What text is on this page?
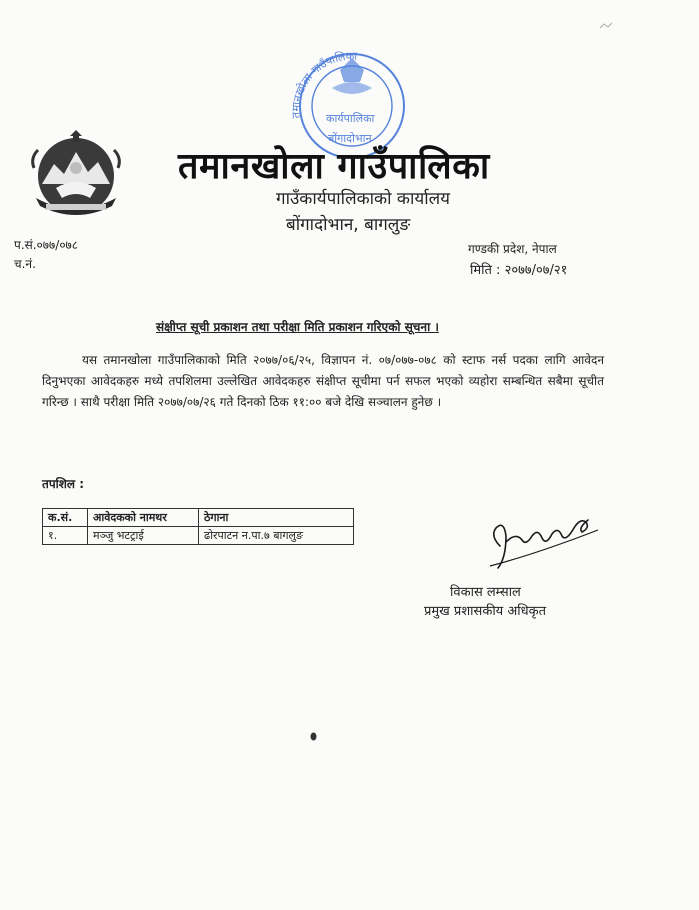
तमानखोला गाउँपालिका
कार्यपालिका
बोंगादोभान
तमानखोला गाउँपालिका
गाउँकार्यपालिकाको कार्यालय
बोंगादोभान, बागलुङ
प.सं.०७७/०७८
च.नं.
गण्डकी प्रदेश, नेपाल
मिति : २०७७/०७/२१
संक्षीप्त सूची प्रकाशन तथा परीक्षा मिति प्रकाशन गरिएको सूचना ।
यस तमानखोला गाउँपालिकाको मिति २०७७/०६/२५, विज्ञापन नं. ०७/०७७-०७८ को स्टाफ नर्स पदका लागि आवेदन दिनुभएका आवेदकहरु मध्ये तपशिलमा उल्लेखित आवेदकहरु संक्षीप्त सूचीमा पर्न सफल भएको व्यहोरा सम्बन्धित सबैमा सूचीत गरिन्छ । साथै परीक्षा मिति २०७७/०७/२६ गते दिनको ठिक ११:०० बजे देखि सञ्चालन हुनेछ ।
तपशिल :
क.सं.	आवेदकको नामथर	ठेगाना
१.	मञ्जु भटट्राई	ढोरपाटन न.पा.७ बागलुङ
विकास लम्साल
प्रमुख प्रशासकीय अधिकृत
